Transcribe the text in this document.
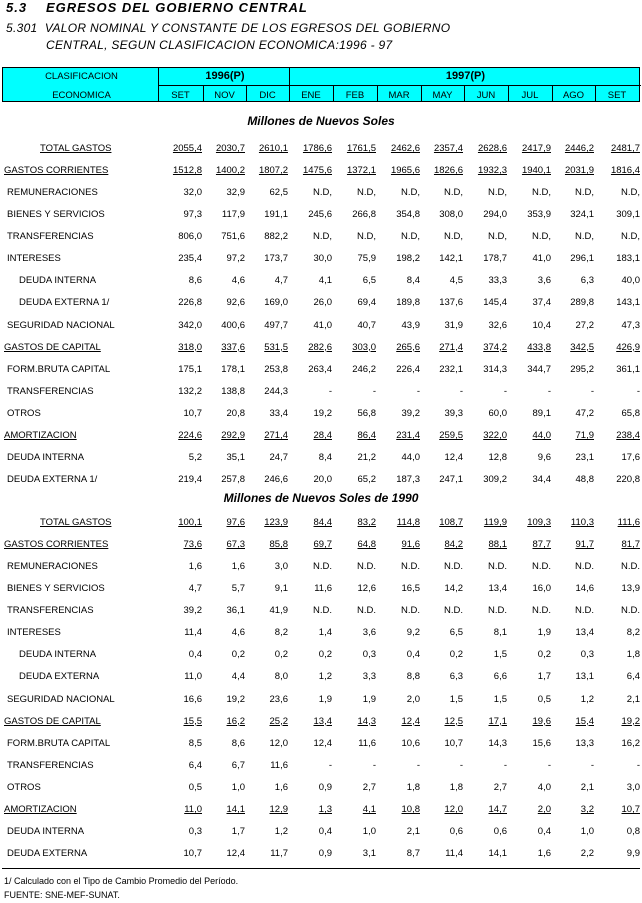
5.3 EGRESOS DEL GOBIERNO CENTRAL
5.301 VALOR NOMINAL Y CONSTANTE DE LOS EGRESOS DEL GOBIERNO
CENTRAL, SEGUN CLASIFICACION ECONOMICA:1996 - 97
CLASIFICACION
ECONOMICA
1996(P)	1997(P)
SET	NOV	DIC	ENE	FEB	MAR	MAY	JUN	JUL	AGO	SET
Millones de Nuevos Soles
TOTAL GASTOS	2055,4	2030,7	2610,1	1786,6	1761,5	2462,6	2357,4	2628,6	2417,9	2446,2	2481,7
GASTOS CORRIENTES	1512,8	1400,2	1807,2	1475,6	1372,1	1965,6	1826,6	1932,3	1940,1	2031,9	1816,4
REMUNERACIONES	32,0	32,9	62,5	N.D,	N.D,	N.D,	N.D,	N.D,	N.D,	N.D,	N.D,
BIENES Y SERVICIOS	97,3	117,9	191,1	245,6	266,8	354,8	308,0	294,0	353,9	324,1	309,1
TRANSFERENCIAS	806,0	751,6	882,2	N.D,	N.D,	N.D,	N.D,	N.D,	N.D,	N.D,	N.D,
INTERESES	235,4	97,2	173,7	30,0	75,9	198,2	142,1	178,7	41,0	296,1	183,1
DEUDA INTERNA	8,6	4,6	4,7	4,1	6,5	8,4	4,5	33,3	3,6	6,3	40,0
DEUDA EXTERNA 1/	226,8	92,6	169,0	26,0	69,4	189,8	137,6	145,4	37,4	289,8	143,1
SEGURIDAD NACIONAL	342,0	400,6	497,7	41,0	40,7	43,9	31,9	32,6	10,4	27,2	47,3
GASTOS DE CAPITAL	318,0	337,6	531,5	282,6	303,0	265,6	271,4	374,2	433,8	342,5	426,9
FORM.BRUTA CAPITAL	175,1	178,1	253,8	263,4	246,2	226,4	232,1	314,3	344,7	295,2	361,1
TRANSFERENCIAS	132,2	138,8	244,3	-	-	-	-	-	-	-	-
OTROS	10,7	20,8	33,4	19,2	56,8	39,2	39,3	60,0	89,1	47,2	65,8
AMORTIZACION	224,6	292,9	271,4	28,4	86,4	231,4	259,5	322,0	44,0	71,9	238,4
DEUDA INTERNA	5,2	35,1	24,7	8,4	21,2	44,0	12,4	12,8	9,6	23,1	17,6
DEUDA EXTERNA 1/	219,4	257,8	246,6	20,0	65,2	187,3	247,1	309,2	34,4	48,8	220,8
Millones de Nuevos Soles de 1990
TOTAL GASTOS	100,1	97,6	123,9	84,4	83,2	114,8	108,7	119,9	109,3	110,3	111,6
GASTOS CORRIENTES	73,6	67,3	85,8	69,7	64,8	91,6	84,2	88,1	87,7	91,7	81,7
REMUNERACIONES	1,6	1,6	3,0	N.D.	N.D.	N.D.	N.D.	N.D.	N.D.	N.D.	N.D.
BIENES Y SERVICIOS	4,7	5,7	9,1	11,6	12,6	16,5	14,2	13,4	16,0	14,6	13,9
TRANSFERENCIAS	39,2	36,1	41,9	N.D.	N.D.	N.D.	N.D.	N.D.	N.D.	N.D.	N.D.
INTERESES	11,4	4,6	8,2	1,4	3,6	9,2	6,5	8,1	1,9	13,4	8,2
DEUDA INTERNA	0,4	0,2	0,2	0,2	0,3	0,4	0,2	1,5	0,2	0,3	1,8
DEUDA EXTERNA	11,0	4,4	8,0	1,2	3,3	8,8	6,3	6,6	1,7	13,1	6,4
SEGURIDAD NACIONAL	16,6	19,2	23,6	1,9	1,9	2,0	1,5	1,5	0,5	1,2	2,1
GASTOS DE CAPITAL	15,5	16,2	25,2	13,4	14,3	12,4	12,5	17,1	19,6	15,4	19,2
FORM.BRUTA CAPITAL	8,5	8,6	12,0	12,4	11,6	10,6	10,7	14,3	15,6	13,3	16,2
TRANSFERENCIAS	6,4	6,7	11,6	-	-	-	-	-	-	-	-
OTROS	0,5	1,0	1,6	0,9	2,7	1,8	1,8	2,7	4,0	2,1	3,0
AMORTIZACION	11,0	14,1	12,9	1,3	4,1	10,8	12,0	14,7	2,0	3,2	10,7
DEUDA INTERNA	0,3	1,7	1,2	0,4	1,0	2,1	0,6	0,6	0,4	1,0	0,8
DEUDA EXTERNA	10,7	12,4	11,7	0,9	3,1	8,7	11,4	14,1	1,6	2,2	9,9
1/ Calculado con el Tipo de Cambio Promedio del Período.
FUENTE: SNE-MEF-SUNAT.
